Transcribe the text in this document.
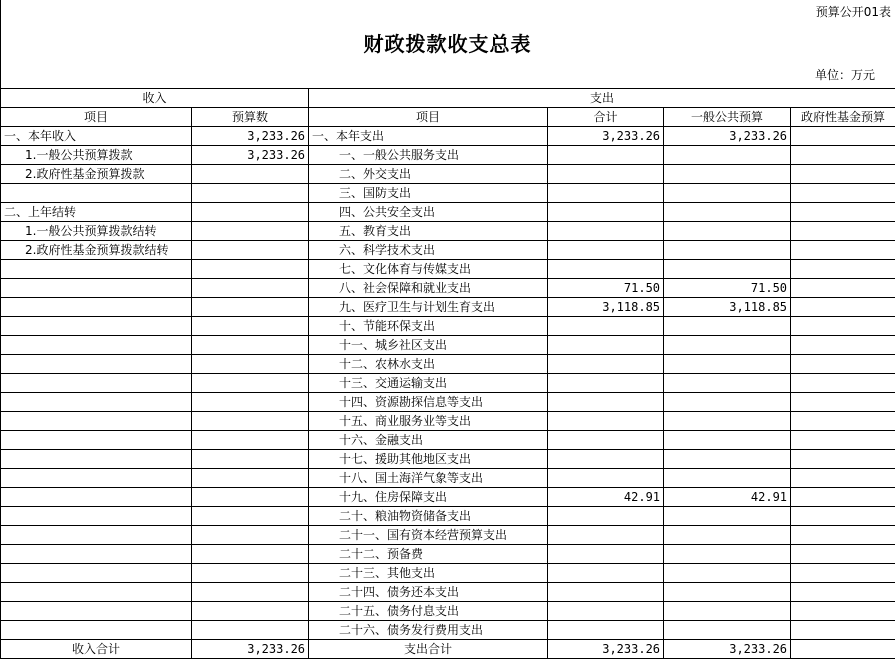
预算公开01表
财政拨款收支总表
单位：万元
收入		支出			
项目	预算数	项目	合计	一般公共预算	政府性基金预算
一、本年收入	3,233.26	一、本年支出	3,233.26	3,233.26	
1.一般公共预算拨款	3,233.26	一、一般公共服务支出			
2.政府性基金预算拨款		二、外交支出			
		三、国防支出			
二、上年结转		四、公共安全支出			
1.一般公共预算拨款结转		五、教育支出			
2.政府性基金预算拨款结转		六、科学技术支出			
		七、文化体育与传媒支出			
		八、社会保障和就业支出	71.50	71.50	
		九、医疗卫生与计划生育支出	3,118.85	3,118.85	
		十、节能环保支出			
		十一、城乡社区支出			
		十二、农林水支出			
		十三、交通运输支出			
		十四、资源勘探信息等支出			
		十五、商业服务业等支出			
		十六、金融支出			
		十七、援助其他地区支出			
		十八、国土海洋气象等支出			
		十九、住房保障支出	42.91	42.91	
		二十、粮油物资储备支出			
		二十一、国有资本经营预算支出			
		二十二、预备费			
		二十三、其他支出			
		二十四、债务还本支出			
		二十五、债务付息支出			
		二十六、债务发行费用支出			
收入合计	3,233.26	支出合计	3,233.26	3,233.26	
